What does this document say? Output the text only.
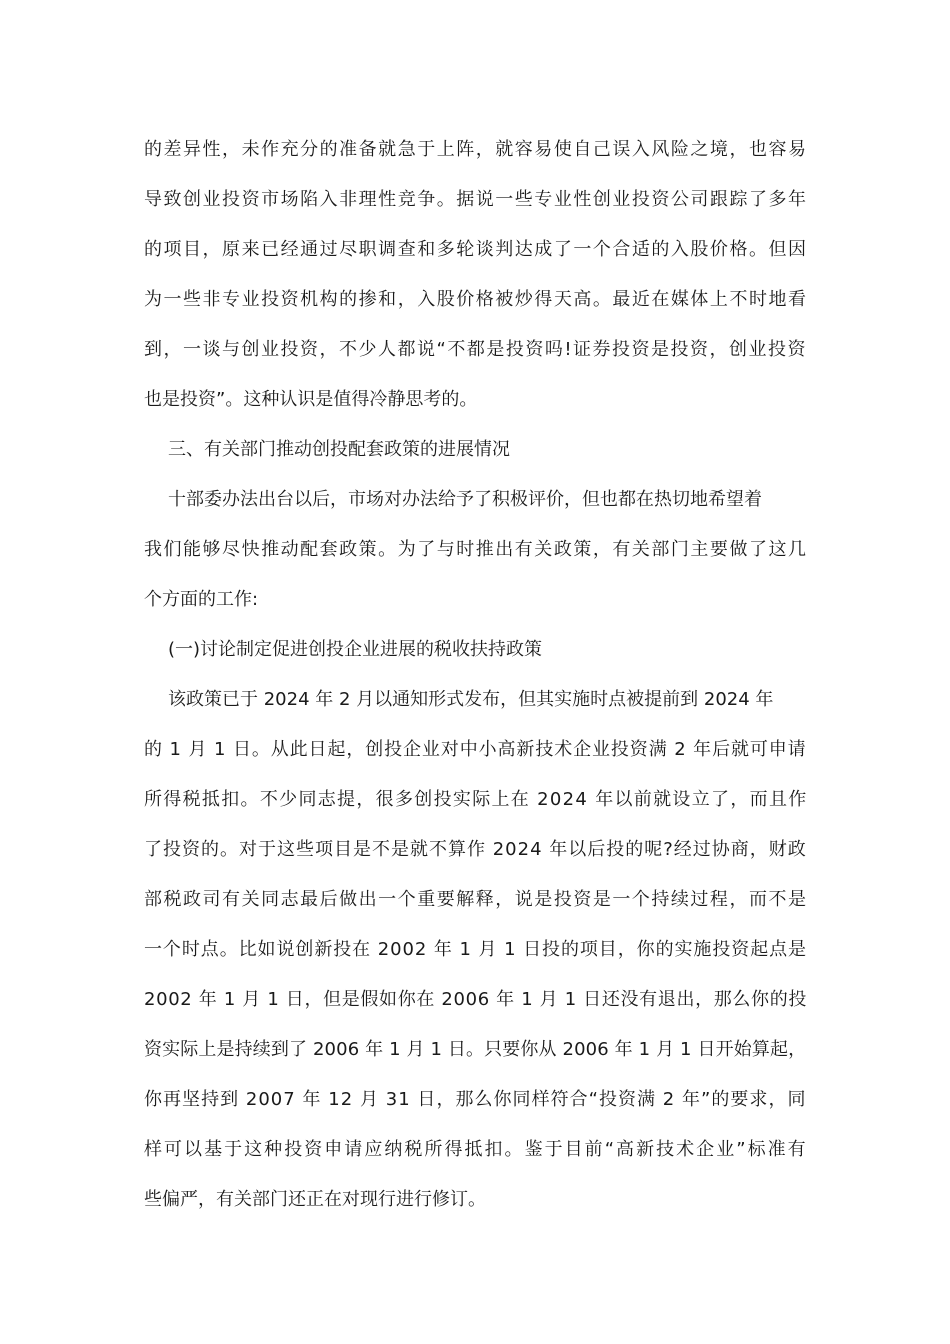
的差异性，未作充分的准备就急于上阵，就容易使自己误入风险之境，也容易
导致创业投资市场陷入非理性竞争。据说一些专业性创业投资公司跟踪了多年
的项目，原来已经通过尽职调查和多轮谈判达成了一个合适的入股价格。但因
为一些非专业投资机构的掺和，入股价格被炒得天高。最近在媒体上不时地看
到，一谈与创业投资，不少人都说“不都是投资吗!证券投资是投资，创业投资
也是投资”。这种认识是值得冷静思考的。
三、有关部门推动创投配套政策的进展情况
十部委办法出台以后，市场对办法给予了积极评价，但也都在热切地希望着
我们能够尽快推动配套政策。为了与时推出有关政策，有关部门主要做了这几
个方面的工作:
(一)讨论制定促进创投企业进展的税收扶持政策
该政策已于 2024 年 2 月以通知形式发布，但其实施时点被提前到 2024 年
的 1 月 1 日。从此日起，创投企业对中小高新技术企业投资满 2 年后就可申请
所得税抵扣。不少同志提，很多创投实际上在 2024 年以前就设立了，而且作
了投资的。对于这些项目是不是就不算作 2024 年以后投的呢?经过协商，财政
部税政司有关同志最后做出一个重要解释，说是投资是一个持续过程，而不是
一个时点。比如说创新投在 2002 年 1 月 1 日投的项目，你的实施投资起点是
2002 年 1 月 1 日，但是假如你在 2006 年 1 月 1 日还没有退出，那么你的投
资实际上是持续到了 2006 年 1 月 1 日。只要你从 2006 年 1 月 1 日开始算起，
你再坚持到 2007 年 12 月 31 日，那么你同样符合“投资满 2 年”的要求，同
样可以基于这种投资申请应纳税所得抵扣。鉴于目前“高新技术企业”标准有
些偏严，有关部门还正在对现行进行修订。
